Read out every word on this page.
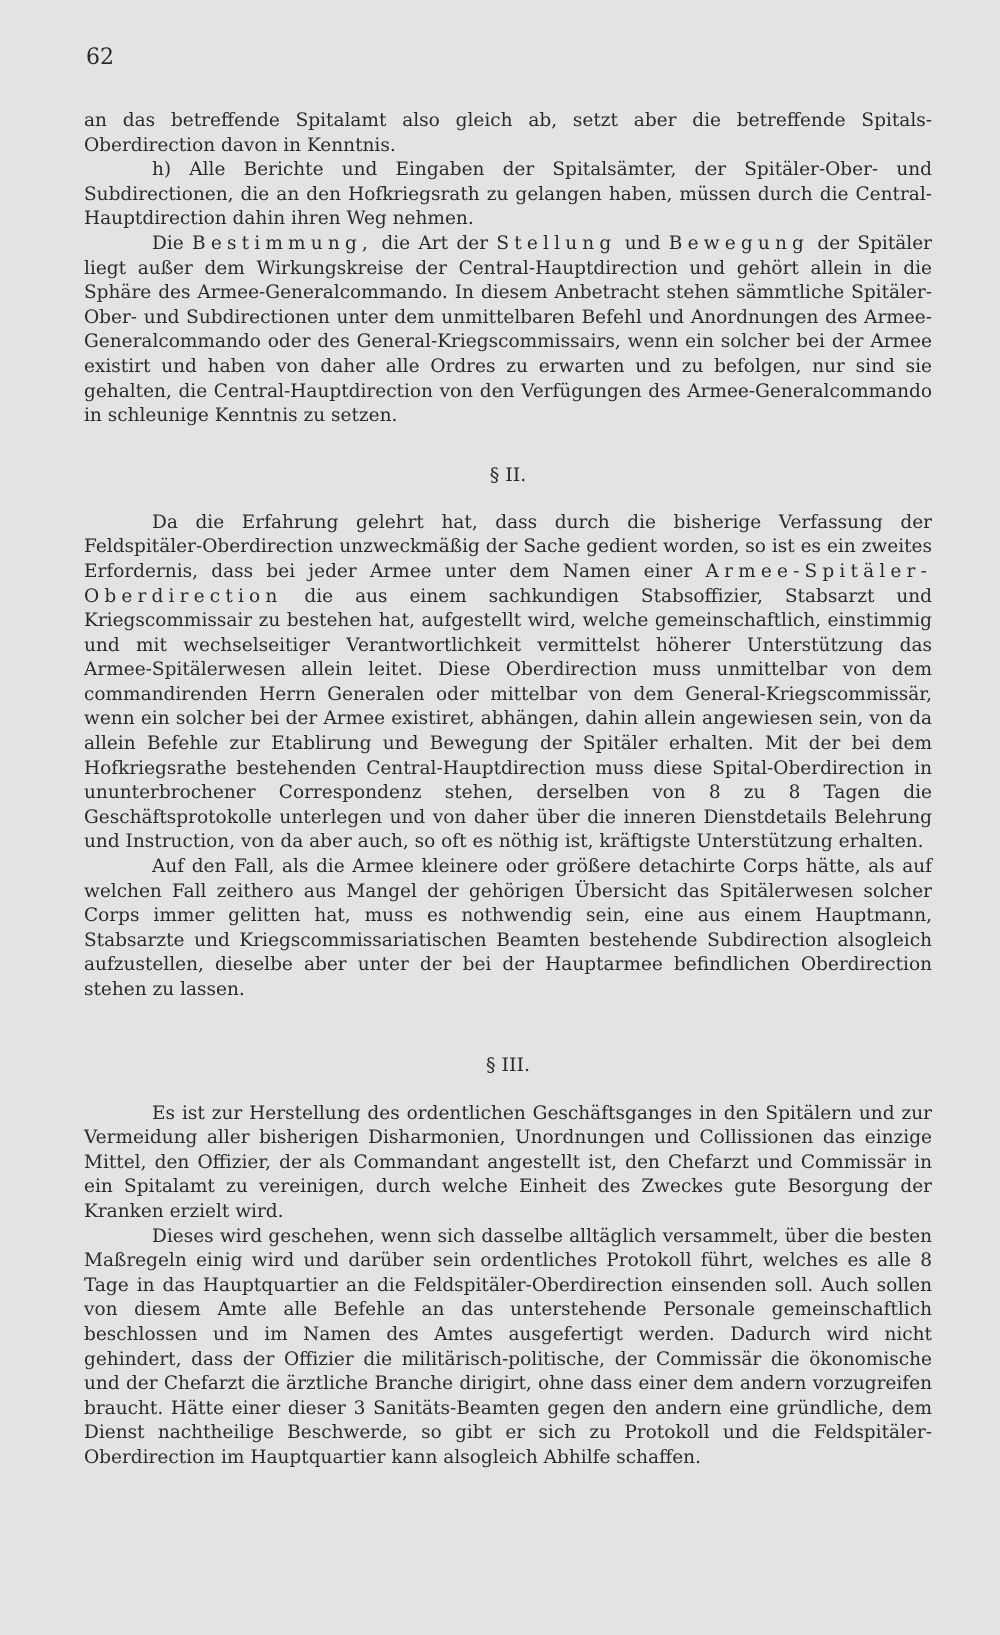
62

an das betreffende Spitalamt also gleich ab, setzt aber die betreffende Spitals-Oberdirection davon in Kenntnis.

h) Alle Berichte und Eingaben der Spitalsämter, der Spitäler-Ober- und Subdirectionen, die an den Hofkriegsrath zu gelangen haben, müssen durch die Central-Hauptdirection dahin ihren Weg nehmen.

Die Bestimmung, die Art der Stellung und Bewegung der Spitäler liegt außer dem Wirkungskreise der Central-Hauptdirection und gehört allein in die Sphäre des Armee-Generalcommando. In diesem Anbetracht stehen sämmtliche Spitäler-Ober- und Subdirectionen unter dem unmittelbaren Befehl und Anordnungen des Armee-Generalcommando oder des General-Kriegscommissairs, wenn ein solcher bei der Armee existirt und haben von daher alle Ordres zu erwarten und zu befolgen, nur sind sie gehalten, die Central-Hauptdirection von den Verfügungen des Armee-Generalcommando in schleunige Kenntnis zu setzen.

§ II.

Da die Erfahrung gelehrt hat, dass durch die bisherige Verfassung der Feldspitäler-Oberdirection unzweckmäßig der Sache gedient worden, so ist es ein zweites Erfordernis, dass bei jeder Armee unter dem Namen einer Armee-Spitäler-Oberdirection die aus einem sachkundigen Stabsoffizier, Stabsarzt und Kriegscommissair zu bestehen hat, aufgestellt wird, welche gemeinschaftlich, einstimmig und mit wechselseitiger Verantwortlichkeit vermittelst höherer Unterstützung das Armee-Spitälerwesen allein leitet. Diese Oberdirection muss unmittelbar von dem commandirenden Herrn Generalen oder mittelbar von dem General-Kriegscommissär, wenn ein solcher bei der Armee existiret, abhängen, dahin allein angewiesen sein, von da allein Befehle zur Etablirung und Bewegung der Spitäler erhalten. Mit der bei dem Hofkriegsrathe bestehenden Central-Hauptdirection muss diese Spital-Oberdirection in ununterbrochener Correspondenz stehen, derselben von 8 zu 8 Tagen die Geschäftsprotokolle unterlegen und von daher über die inneren Dienstdetails Belehrung und Instruction, von da aber auch, so oft es nöthig ist, kräftigste Unterstützung erhalten.

Auf den Fall, als die Armee kleinere oder größere detachirte Corps hätte, als auf welchen Fall zeithero aus Mangel der gehörigen Übersicht das Spitälerwesen solcher Corps immer gelitten hat, muss es nothwendig sein, eine aus einem Hauptmann, Stabsarzte und Kriegscommissariatischen Beamten bestehende Subdirection alsogleich aufzustellen, dieselbe aber unter der bei der Hauptarmee befindlichen Oberdirection stehen zu lassen.

§ III.

Es ist zur Herstellung des ordentlichen Geschäftsganges in den Spitälern und zur Vermeidung aller bisherigen Disharmonien, Unordnungen und Collissionen das einzige Mittel, den Offizier, der als Commandant angestellt ist, den Chefarzt und Commissär in ein Spitalamt zu vereinigen, durch welche Einheit des Zweckes gute Besorgung der Kranken erzielt wird.

Dieses wird geschehen, wenn sich dasselbe alltäglich versammelt, über die besten Maßregeln einig wird und darüber sein ordentliches Protokoll führt, welches es alle 8 Tage in das Hauptquartier an die Feldspitäler-Oberdirection einsenden soll. Auch sollen von diesem Amte alle Befehle an das unterstehende Personale gemeinschaftlich beschlossen und im Namen des Amtes ausgefertigt werden. Dadurch wird nicht gehindert, dass der Offizier die militärisch-politische, der Commissär die ökonomische und der Chefarzt die ärztliche Branche dirigirt, ohne dass einer dem andern vorzugreifen braucht. Hätte einer dieser 3 Sanitäts-Beamten gegen den andern eine gründliche, dem Dienst nachtheilige Beschwerde, so gibt er sich zu Protokoll und die Feldspitäler-Oberdirection im Hauptquartier kann alsogleich Abhilfe schaffen.
